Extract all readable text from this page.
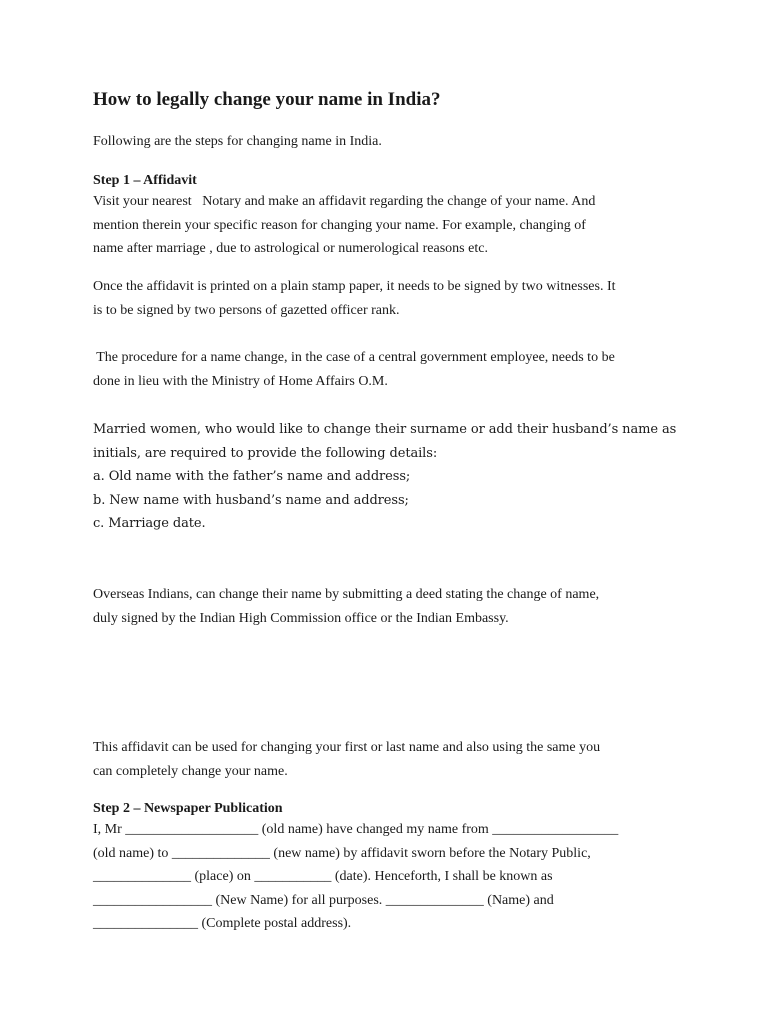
How to legally change your name in India?

Following are the steps for changing name in India.

Step 1 – Affidavit

Visit your nearest   Notary and make an affidavit regarding the change of your name. And
mention therein your specific reason for changing your name. For example, changing of
name after marriage , due to astrological or numerological reasons etc.

Once the affidavit is printed on a plain stamp paper, it needs to be signed by two witnesses. It
is to be signed by two persons of gazetted officer rank.

The procedure for a name change, in the case of a central government employee, needs to be
done in lieu with the Ministry of Home Affairs O.M.

Married women, who would like to change their surname or add their husband’s name as
initials, are required to provide the following details:
a. Old name with the father’s name and address;
b. New name with husband’s name and address;
c. Marriage date.

Overseas Indians, can change their name by submitting a deed stating the change of name,
duly signed by the Indian High Commission office or the Indian Embassy.

This affidavit can be used for changing your first or last name and also using the same you
can completely change your name.

Step 2 – Newspaper Publication

I, Mr ___________________ (old name) have changed my name from __________________
(old name) to ______________ (new name) by affidavit sworn before the Notary Public,
______________ (place) on ___________ (date). Henceforth, I shall be known as
_________________ (New Name) for all purposes. ______________ (Name) and
_______________ (Complete postal address).
